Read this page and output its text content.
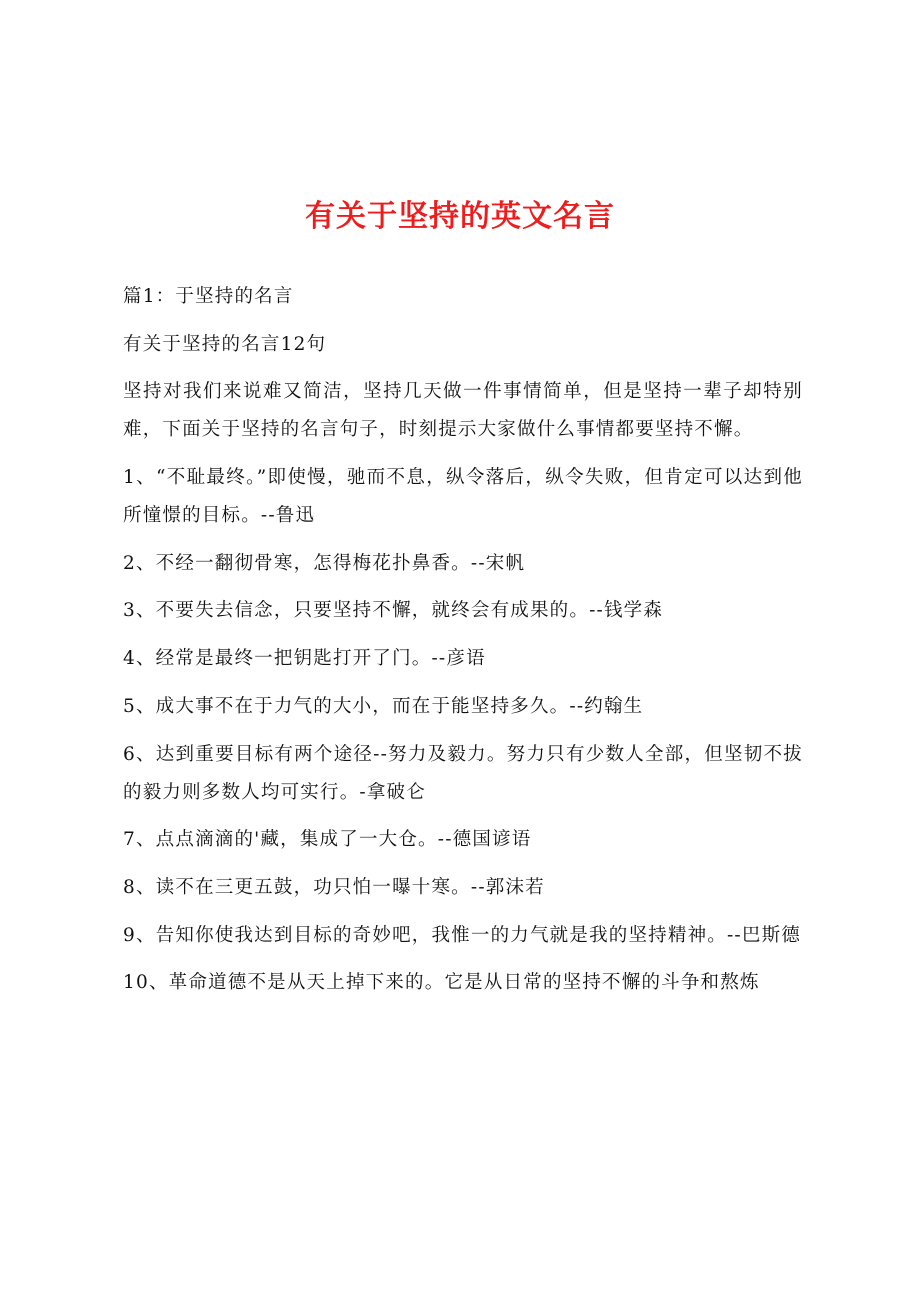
有关于坚持的英文名言

篇1：于坚持的名言

有关于坚持的名言12句

坚持对我们来说难又简洁，坚持几天做一件事情简单，但是坚持一辈子却特别难，下面关于坚持的名言句子，时刻提示大家做什么事情都要坚持不懈。

1、“不耻最终。”即使慢，驰而不息，纵令落后，纵令失败，但肯定可以达到他所憧憬的目标。--鲁迅

2、不经一翻彻骨寒，怎得梅花扑鼻香。--宋帆

3、不要失去信念，只要坚持不懈，就终会有成果的。--钱学森

4、经常是最终一把钥匙打开了门。--彦语

5、成大事不在于力气的大小，而在于能坚持多久。--约翰生

6、达到重要目标有两个途径--努力及毅力。努力只有少数人全部，但坚韧不拔的毅力则多数人均可实行。-拿破仑

7、点点滴滴的'藏，集成了一大仓。--德国谚语

8、读不在三更五鼓，功只怕一曝十寒。--郭沫若

9、告知你使我达到目标的奇妙吧，我惟一的力气就是我的坚持精神。--巴斯德

10、革命道德不是从天上掉下来的。它是从日常的坚持不懈的斗争和熬炼
